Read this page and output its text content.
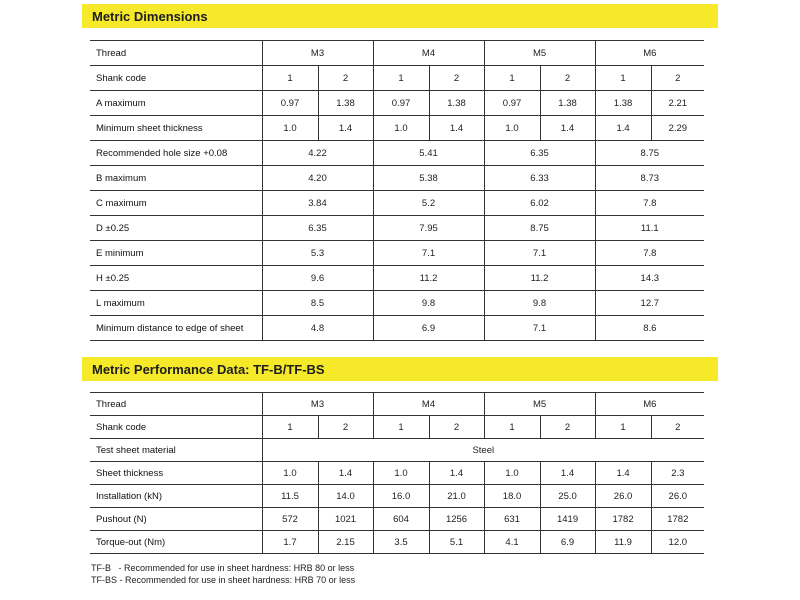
Metric Dimensions
Thread	M3	M4	M5	M6
Shank code	1	2	1	2	1	2	1	2
A maximum	0.97	1.38	0.97	1.38	0.97	1.38	1.38	2.21
Minimum sheet thickness	1.0	1.4	1.0	1.4	1.0	1.4	1.4	2.29
Recommended hole size +0.08	4.22	5.41	6.35	8.75
B maximum	4.20	5.38	6.33	8.73
C maximum	3.84	5.2	6.02	7.8
D ±0.25	6.35	7.95	8.75	11.1
E minimum	5.3	7.1	7.1	7.8
H ±0.25	9.6	11.2	11.2	14.3
L maximum	8.5	9.8	9.8	12.7
Minimum distance to edge of sheet	4.8	6.9	7.1	8.6
Metric Performance Data: TF-B/TF-BS
Thread	M3	M4	M5	M6
Shank code	1	2	1	2	1	2	1	2
Test sheet material	Steel
Sheet thickness	1.0	1.4	1.0	1.4	1.0	1.4	1.4	2.3
Installation (kN)	11.5	14.0	16.0	21.0	18.0	25.0	26.0	26.0
Pushout (N)	572	1021	604	1256	631	1419	1782	1782
Torque-out (Nm)	1.7	2.15	3.5	5.1	4.1	6.9	11.9	12.0
TF-B   - Recommended for use in sheet hardness: HRB 80 or less
TF-BS - Recommended for use in sheet hardness: HRB 70 or less
